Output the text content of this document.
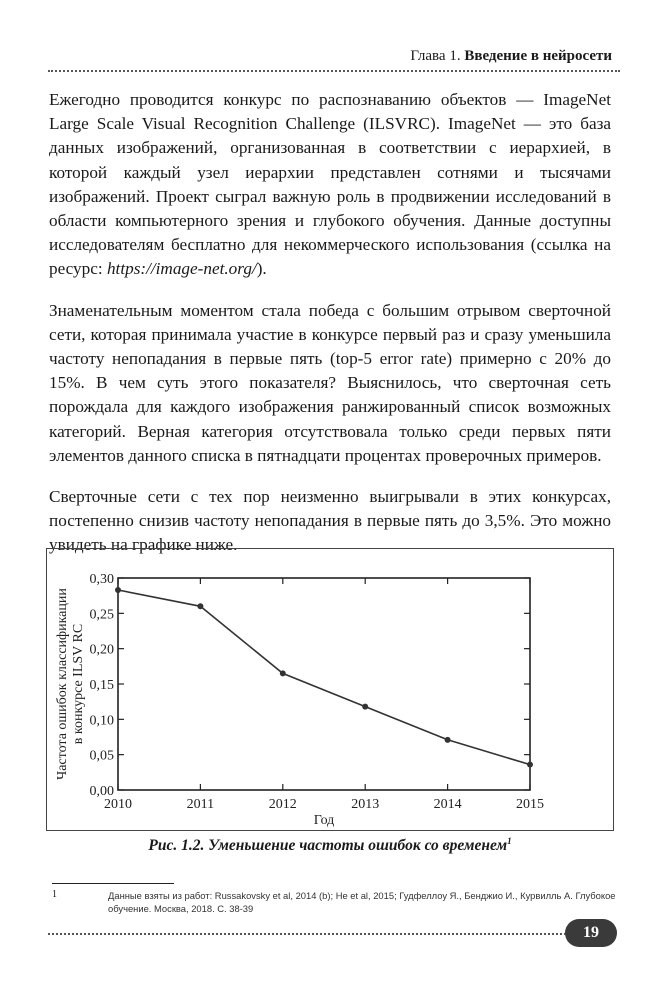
Глава 1. Введение в нейросети

Ежегодно проводится конкурс по распознаванию объектов — ImageNet Large Scale Visual Recognition Challenge (ILSVRC). ImageNet — это база данных изображений, организованная в соответствии с иерархией, в которой каждый узел иерархии представлен сотнями и тысячами изображений. Проект сыграл важную роль в продвижении исследований в области компьютерного зрения и глубокого обучения. Данные доступны исследователям бесплатно для некоммерческого использования (ссылка на ресурс: https://image-net.org/).

Знаменательным моментом стала победа с большим отрывом сверточной сети, которая принимала участие в конкурсе первый раз и сразу уменьшила частоту непопадания в первые пять (top-5 error rate) примерно с 20% до 15%. В чем суть этого показателя? Выяснилось, что сверточная сеть порождала для каждого изображения ранжированный список возможных категорий. Верная категория отсутствовала только среди первых пяти элементов данного списка в пятнадцати процентах проверочных примеров.

Сверточные сети с тех пор неизменно выигрывали в этих конкурсах, постепенно снизив частоту непопадания в первые пять до 3,5%. Это можно увидеть на графике ниже.

0,00
0,05
0,10
0,15
0,20
0,25
0,30
2010	2011	2012	2013	2014	2015
Год
Частота ошибок классификации в конкурсе ILSV RC
Рис. 1.2. Уменьшение частоты ошибок со временем$^1$
1	Данные взяты из работ: Russakovsky et al, 2014 (b); He et al, 2015; Гудфеллоу Я., Бенджио И., Курвилль А. Глубокое обучение. Москва, 2018. С. 38-39
19
